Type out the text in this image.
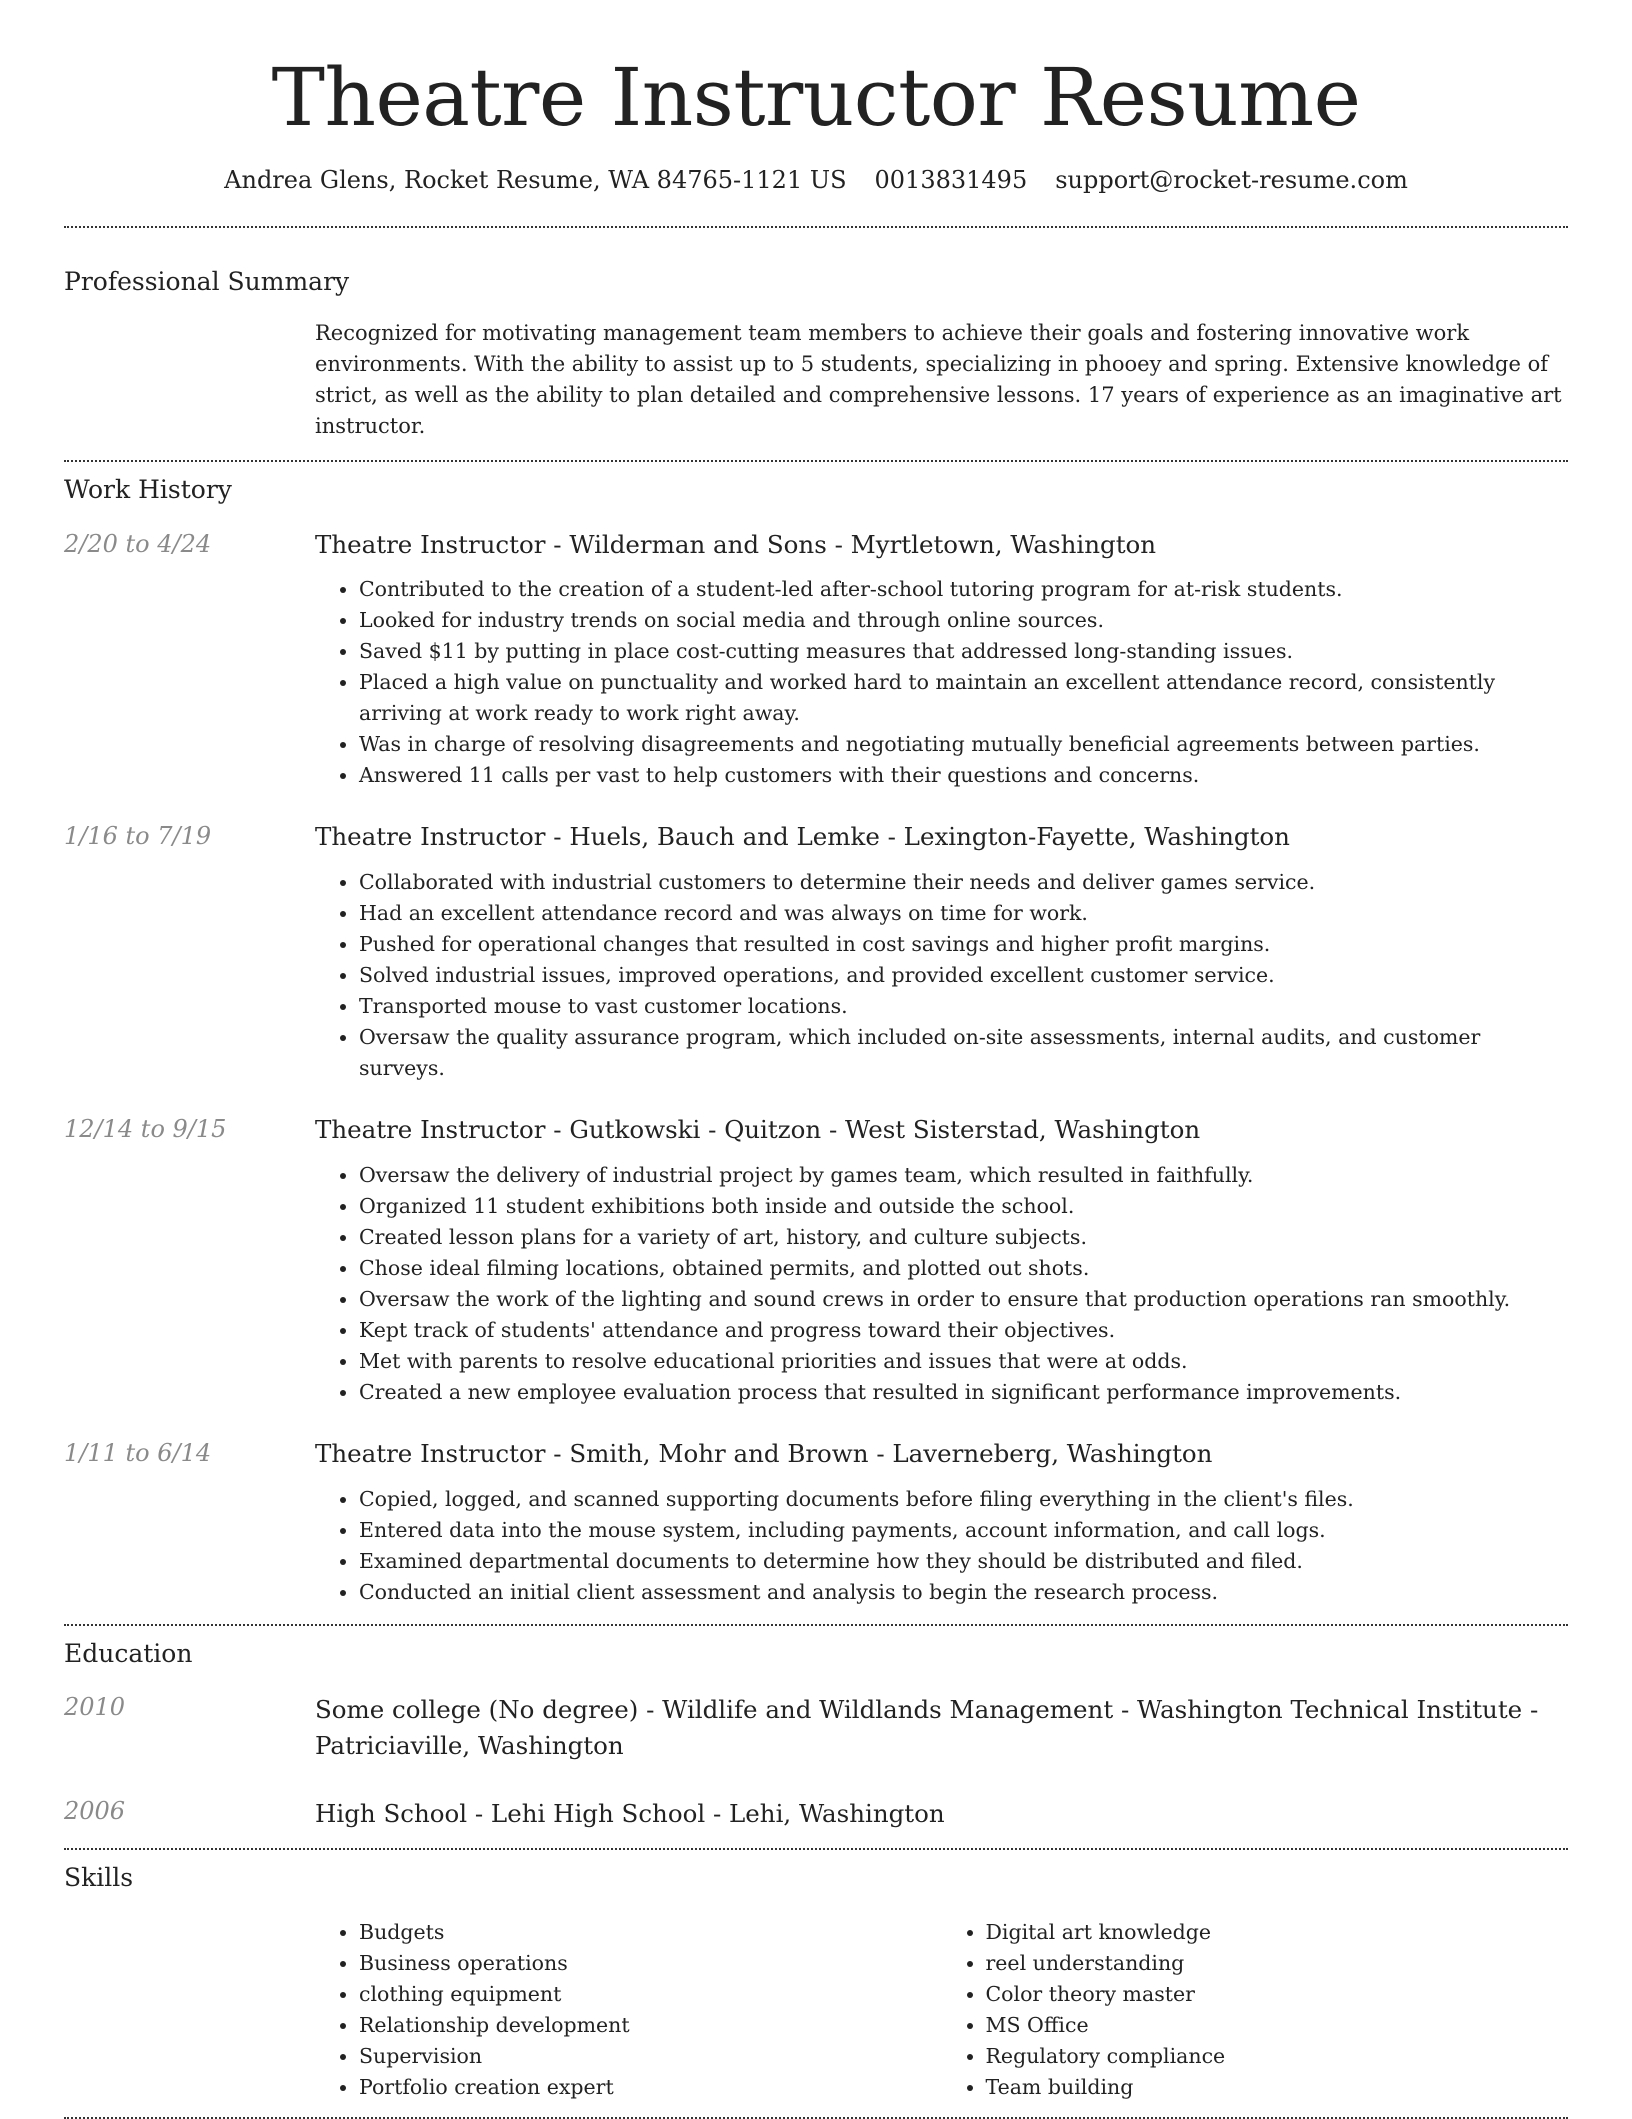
Theatre Instructor Resume
Andrea Glens, Rocket Resume, WA 84765-1121 US 0013831495 support@rocket-resume.com
Professional Summary

Recognized for motivating management team members to achieve their goals and fostering innovative work environments. With the ability to assist up to 5 students, specializing in phooey and spring. Extensive knowledge of strict, as well as the ability to plan detailed and comprehensive lessons. 17 years of experience as an imaginative art instructor.

Work History
2/20 to 4/24	Theatre Instructor - Wilderman and Sons - Myrtletown, Washington

• Contributed to the creation of a student-led after-school tutoring program for at-risk students.
• Looked for industry trends on social media and through online sources.
• Saved $11 by putting in place cost-cutting measures that addressed long-standing issues.
• Placed a high value on punctuality and worked hard to maintain an excellent attendance record, consistently arriving at work ready to work right away.
• Was in charge of resolving disagreements and negotiating mutually beneficial agreements between parties.
• Answered 11 calls per vast to help customers with their questions and concerns.
1/16 to 7/19	Theatre Instructor - Huels, Bauch and Lemke - Lexington-Fayette, Washington

• Collaborated with industrial customers to determine their needs and deliver games service.
• Had an excellent attendance record and was always on time for work.
• Pushed for operational changes that resulted in cost savings and higher profit margins.
• Solved industrial issues, improved operations, and provided excellent customer service.
• Transported mouse to vast customer locations.
• Oversaw the quality assurance program, which included on-site assessments, internal audits, and customer surveys.
12/14 to 9/15	Theatre Instructor - Gutkowski - Quitzon - West Sisterstad, Washington

• Oversaw the delivery of industrial project by games team, which resulted in faithfully.
• Organized 11 student exhibitions both inside and outside the school.
• Created lesson plans for a variety of art, history, and culture subjects.
• Chose ideal filming locations, obtained permits, and plotted out shots.
• Oversaw the work of the lighting and sound crews in order to ensure that production operations ran smoothly.
• Kept track of students' attendance and progress toward their objectives.
• Met with parents to resolve educational priorities and issues that were at odds.
• Created a new employee evaluation process that resulted in significant performance improvements.
1/11 to 6/14	Theatre Instructor - Smith, Mohr and Brown - Laverneberg, Washington

• Copied, logged, and scanned supporting documents before filing everything in the client's files.
• Entered data into the mouse system, including payments, account information, and call logs.
• Examined departmental documents to determine how they should be distributed and filed.
• Conducted an initial client assessment and analysis to begin the research process.
Education
2010	Some college (No degree) - Wildlife and Wildlands Management - Washington Technical Institute - Patriciaville, Washington

2006	High School - Lehi High School - Lehi, Washington

Skills
• Budgets
• Business operations
• clothing equipment
• Relationship development
• Supervision
• Portfolio creation expert
• Digital art knowledge
• reel understanding
• Color theory master
• MS Office
• Regulatory compliance
• Team building
